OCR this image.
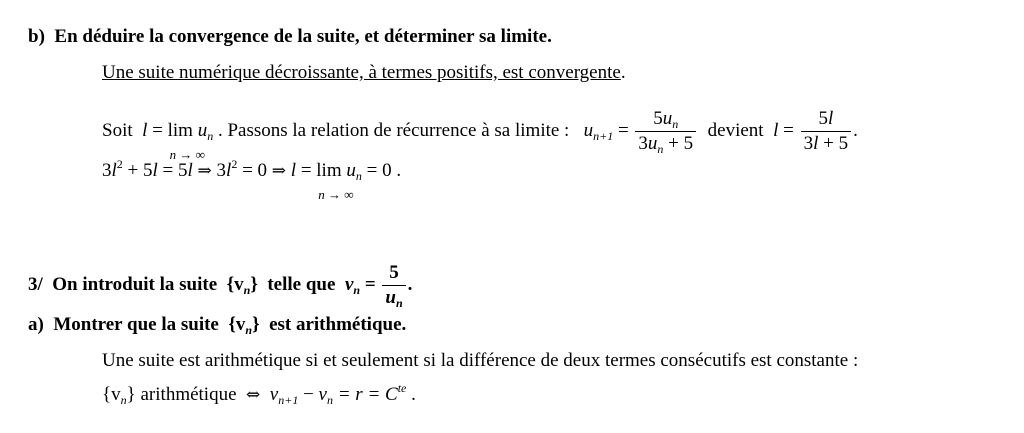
b) En déduire la convergence de la suite, et déterminer sa limite.
Une suite numérique décroissante, à termes positifs, est convergente.
Soit l = lim
n → ∞
$u_n$ . Passons la relation de récurrence à sa limite : $u_{n+1} = \frac{5u_n}{3u_n + 5}$ devient $l = \frac{5l}{3l + 5}$ .
$3l^2 + 5l = 5l$ ⇒ $3l^2 = 0$ ⇒ l = lim
n → ∞
$u_n = 0$ .
3/ On introduit la suite $\{v_n\}$ telle que $v_n = \frac{5}{u_n}$ .
a) Montrer que la suite $\{v_n\}$ est arithmétique.
Une suite est arithmétique si et seulement si la différence de deux termes consécutifs est constante :
$\{v_n\}$ arithmétique ⇔ $v_{n+1} - v_n = r = C^{te}$ .
